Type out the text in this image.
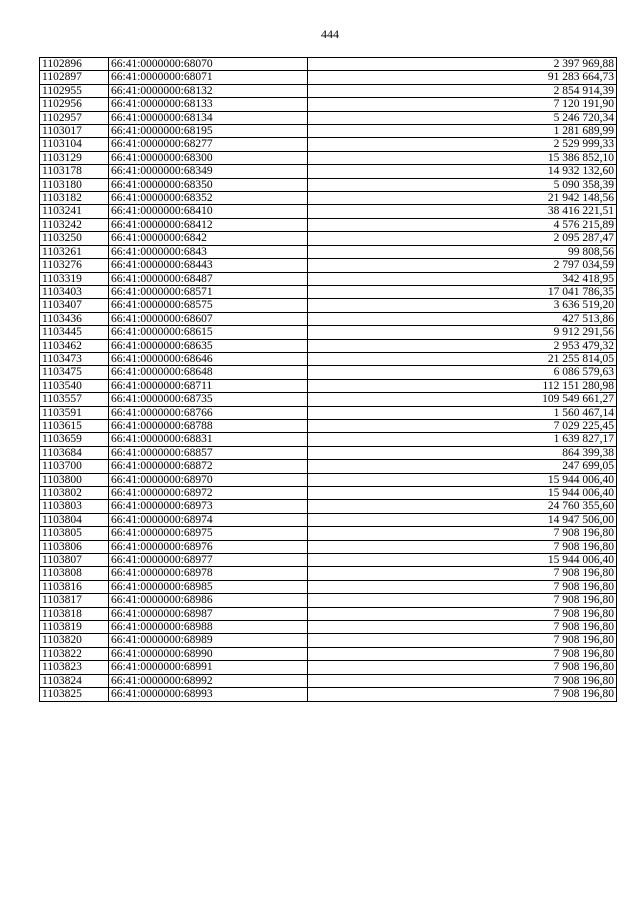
444
1102896	66:41:0000000:68070	2 397 969,88
1102897	66:41:0000000:68071	91 283 664,73
1102955	66:41:0000000:68132	2 854 914,39
1102956	66:41:0000000:68133	7 120 191,90
1102957	66:41:0000000:68134	5 246 720,34
1103017	66:41:0000000:68195	1 281 689,99
1103104	66:41:0000000:68277	2 529 999,33
1103129	66:41:0000000:68300	15 386 852,10
1103178	66:41:0000000:68349	14 932 132,60
1103180	66:41:0000000:68350	5 090 358,39
1103182	66:41:0000000:68352	21 942 148,56
1103241	66:41:0000000:68410	38 416 221,51
1103242	66:41:0000000:68412	4 576 215,89
1103250	66:41:0000000:6842	2 095 287,47
1103261	66:41:0000000:6843	99 808,56
1103276	66:41:0000000:68443	2 797 034,59
1103319	66:41:0000000:68487	342 418,95
1103403	66:41:0000000:68571	17 041 786,35
1103407	66:41:0000000:68575	3 636 519,20
1103436	66:41:0000000:68607	427 513,86
1103445	66:41:0000000:68615	9 912 291,56
1103462	66:41:0000000:68635	2 953 479,32
1103473	66:41:0000000:68646	21 255 814,05
1103475	66:41:0000000:68648	6 086 579,63
1103540	66:41:0000000:68711	112 151 280,98
1103557	66:41:0000000:68735	109 549 661,27
1103591	66:41:0000000:68766	1 560 467,14
1103615	66:41:0000000:68788	7 029 225,45
1103659	66:41:0000000:68831	1 639 827,17
1103684	66:41:0000000:68857	864 399,38
1103700	66:41:0000000:68872	247 699,05
1103800	66:41:0000000:68970	15 944 006,40
1103802	66:41:0000000:68972	15 944 006,40
1103803	66:41:0000000:68973	24 760 355,60
1103804	66:41:0000000:68974	14 947 506,00
1103805	66:41:0000000:68975	7 908 196,80
1103806	66:41:0000000:68976	7 908 196,80
1103807	66:41:0000000:68977	15 944 006,40
1103808	66:41:0000000:68978	7 908 196,80
1103816	66:41:0000000:68985	7 908 196,80
1103817	66:41:0000000:68986	7 908 196,80
1103818	66:41:0000000:68987	7 908 196,80
1103819	66:41:0000000:68988	7 908 196,80
1103820	66:41:0000000:68989	7 908 196,80
1103822	66:41:0000000:68990	7 908 196,80
1103823	66:41:0000000:68991	7 908 196,80
1103824	66:41:0000000:68992	7 908 196,80
1103825	66:41:0000000:68993	7 908 196,80
